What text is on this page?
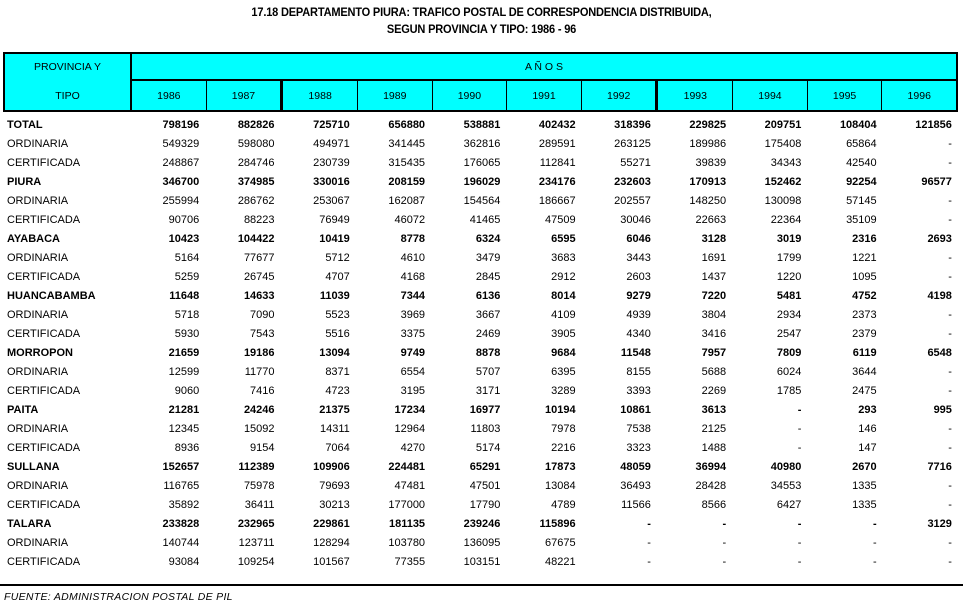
17.18 DEPARTAMENTO PIURA: TRAFICO POSTAL DE CORRESPONDENCIA DISTRIBUIDA,
SEGUN PROVINCIA Y TIPO: 1986 - 96
PROVINCIA Y
TIPO
A Ñ O S
1986	1987	1988	1989	1990	1991	1992	1993	1994	1995	1996
TOTAL	798196	882826	725710	656880	538881	402432	318396	229825	209751	108404	121856
ORDINARIA	549329	598080	494971	341445	362816	289591	263125	189986	175408	65864	-
CERTIFICADA	248867	284746	230739	315435	176065	112841	55271	39839	34343	42540	-
PIURA	346700	374985	330016	208159	196029	234176	232603	170913	152462	92254	96577
ORDINARIA	255994	286762	253067	162087	154564	186667	202557	148250	130098	57145	-
CERTIFICADA	90706	88223	76949	46072	41465	47509	30046	22663	22364	35109	-
AYABACA	10423	104422	10419	8778	6324	6595	6046	3128	3019	2316	2693
ORDINARIA	5164	77677	5712	4610	3479	3683	3443	1691	1799	1221	-
CERTIFICADA	5259	26745	4707	4168	2845	2912	2603	1437	1220	1095	-
HUANCABAMBA	11648	14633	11039	7344	6136	8014	9279	7220	5481	4752	4198
ORDINARIA	5718	7090	5523	3969	3667	4109	4939	3804	2934	2373	-
CERTIFICADA	5930	7543	5516	3375	2469	3905	4340	3416	2547	2379	-
MORROPON	21659	19186	13094	9749	8878	9684	11548	7957	7809	6119	6548
ORDINARIA	12599	11770	8371	6554	5707	6395	8155	5688	6024	3644	-
CERTIFICADA	9060	7416	4723	3195	3171	3289	3393	2269	1785	2475	-
PAITA	21281	24246	21375	17234	16977	10194	10861	3613	-	293	995
ORDINARIA	12345	15092	14311	12964	11803	7978	7538	2125	-	146	-
CERTIFICADA	8936	9154	7064	4270	5174	2216	3323	1488	-	147	-
SULLANA	152657	112389	109906	224481	65291	17873	48059	36994	40980	2670	7716
ORDINARIA	116765	75978	79693	47481	47501	13084	36493	28428	34553	1335	-
CERTIFICADA	35892	36411	30213	177000	17790	4789	11566	8566	6427	1335	-
TALARA	233828	232965	229861	181135	239246	115896	-	-	-	-	3129
ORDINARIA	140744	123711	128294	103780	136095	67675	-	-	-	-	-
CERTIFICADA	93084	109254	101567	77355	103151	48221	-	-	-	-	-
FUENTE: ADMINISTRACION POSTAL DE PIL
